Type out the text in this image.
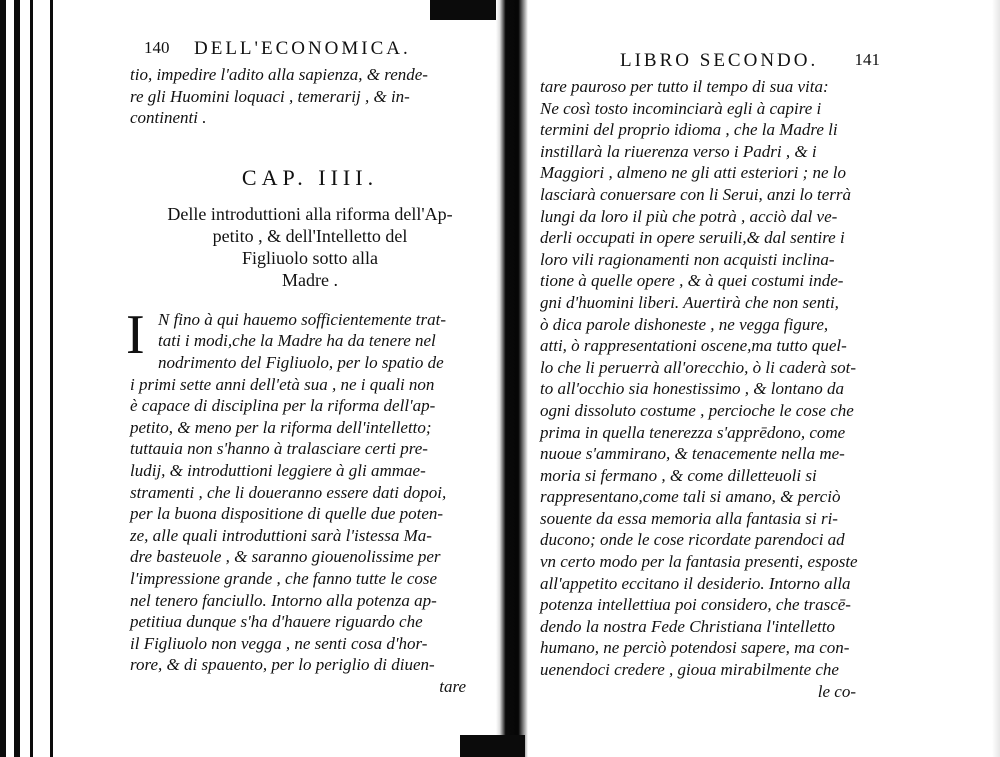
140 DELL'ECONOMICA.
tio, impedire l'adito alla sapienza, & rende-
re gli Huomini loquaci , temerarij , & in-
continenti .
CAP. IIII.
Delle introduttioni alla riforma dell'Ap-
petito , & dell'Intelletto del
Figliuolo sotto alla
Madre .
I N fino à qui hauemo sofficientemente trat-
tati i modi,che la Madre ha da tenere nel
nodrimento del Figliuolo, per lo spatio de
i primi sette anni dell'età sua , ne i quali non
è capace di disciplina per la riforma dell'ap-
petito, & meno per la riforma dell'intelletto;
tuttauia non s'hanno à tralasciare certi pre-
ludij, & introduttioni leggiere à gli ammae-
stramenti , che li doueranno essere dati dopoi,
per la buona dispositione di quelle due poten-
ze, alle quali introduttioni sarà l'istessa Ma-
dre basteuole , & saranno giouenolissime per
l'impressione grande , che fanno tutte le cose
nel tenero fanciullo. Intorno alla potenza ap-
petitiua dunque s'ha d'hauere riguardo che
il Figliuolo non vegga , ne senti cosa d'hor-
rore, & di spauento, per lo periglio di diuen-
tare
LIBRO SECONDO. 141
tare pauroso per tutto il tempo di sua vita:
Ne così tosto incominciarà egli à capire i
termini del proprio idioma , che la Madre li
instillarà la riuerenza verso i Padri , & i
Maggiori , almeno ne gli atti esteriori ; ne lo
lasciarà conuersare con li Serui, anzi lo terrà
lungi da loro il più che potrà , acciò dal ve-
derli occupati in opere seruili,& dal sentire i
loro vili ragionamenti non acquisti inclina-
tione à quelle opere , & à quei costumi inde-
gni d'huomini liberi. Auertirà che non senti,
ò dica parole dishoneste , ne vegga figure,
atti, ò rappresentationi oscene,ma tutto quel-
lo che li peruerrà all'orecchio, ò li caderà sot-
to all'occhio sia honestissimo , & lontano da
ogni dissoluto costume , percioche le cose che
prima in quella tenerezza s'apprēdono, come
nuoue s'ammirano, & tenacemente nella me-
moria si fermano , & come dilletteuoli si
rappresentano,come tali si amano, & perciò
souente da essa memoria alla fantasia si ri-
ducono; onde le cose ricordate parendoci ad
vn certo modo per la fantasia presenti, esposte
all'appetito eccitano il desiderio. Intorno alla
potenza intellettiua poi considero, che trascē-
dendo la nostra Fede Christiana l'intelletto
humano, ne perciò potendosi sapere, ma con-
uenendoci credere , gioua mirabilmente che
le co-
